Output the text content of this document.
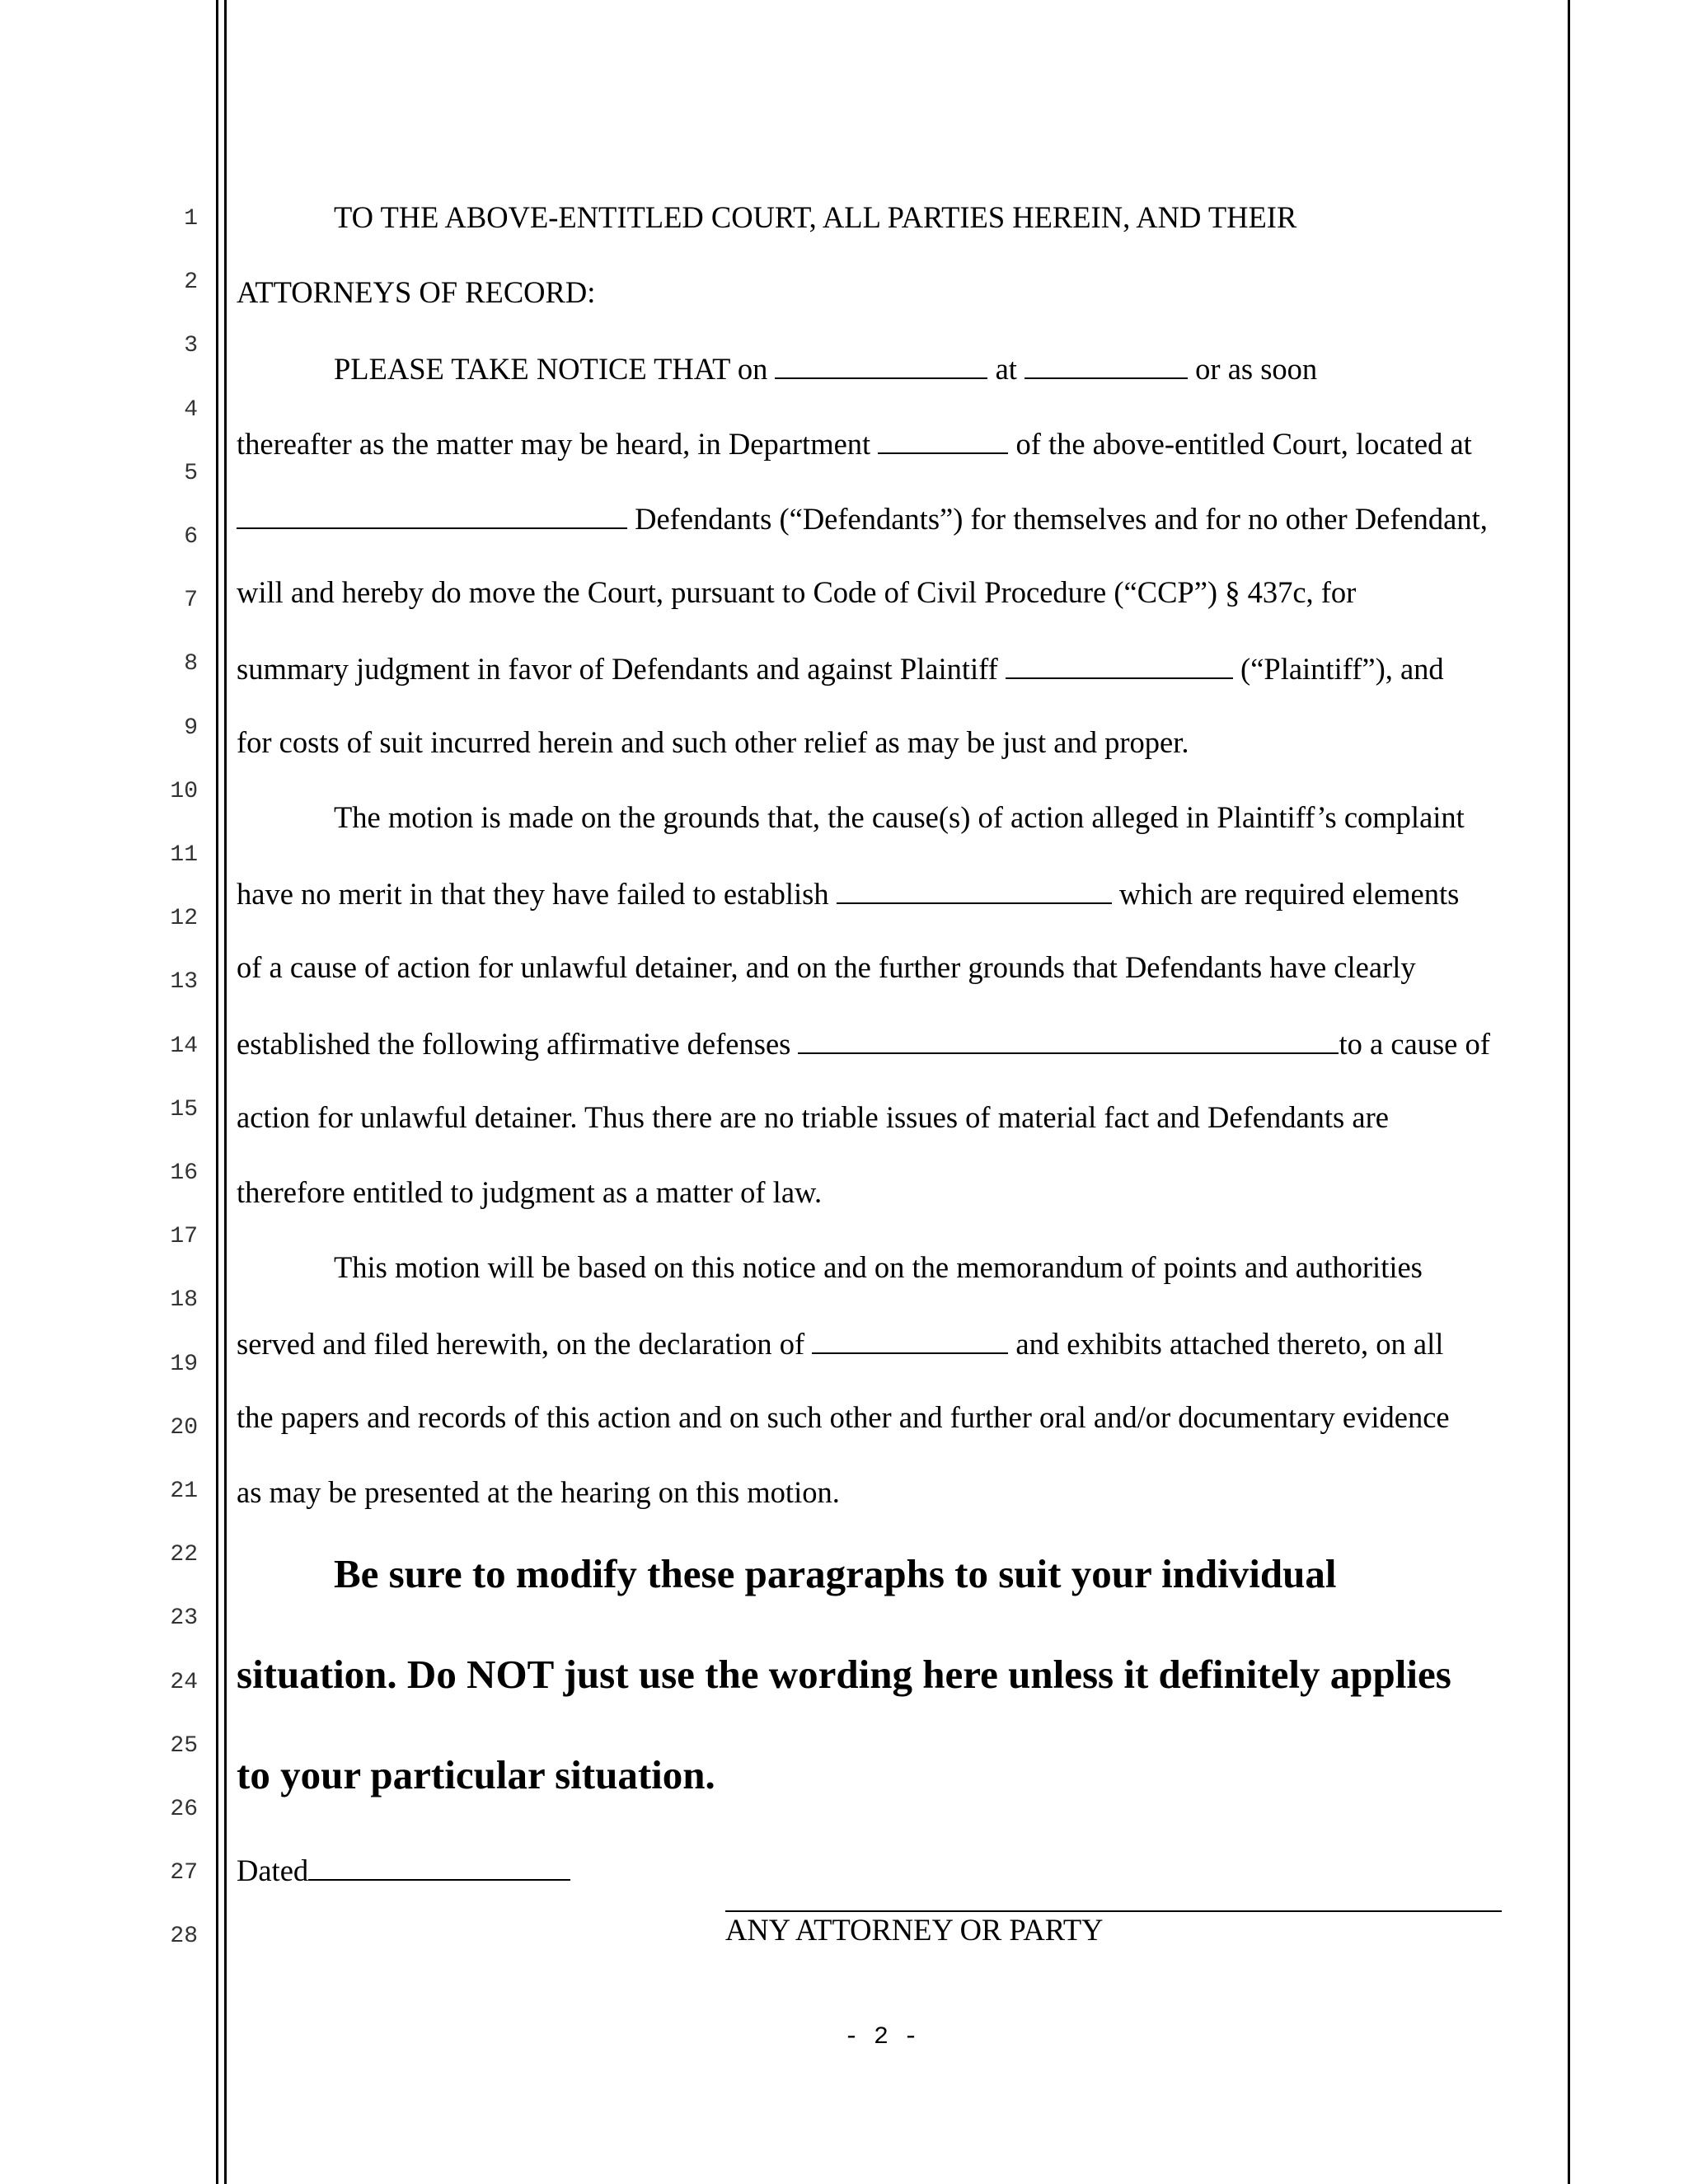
1
2
3
4
5
6
7
8
9
10
11
12
13
14
15
16
17
18
19
20
21
22
23
24
25
26
27
28
TO THE ABOVE-ENTITLED COURT, ALL PARTIES HEREIN, AND THEIR
ATTORNEYS OF RECORD:
PLEASE TAKE NOTICE THAT on	at	or as soon
thereafter as the matter may be heard, in Department	of the above-entitled Court, located at
Defendants (“Defendants”) for themselves and for no other Defendant,
will and hereby do move the Court, pursuant to Code of Civil Procedure (“CCP”) § 437c, for
summary judgment in favor of Defendants and against Plaintiff	(“Plaintiff”), and
for costs of suit incurred herein and such other relief as may be just and proper.
The motion is made on the grounds that, the cause(s) of action alleged in Plaintiff’s complaint
have no merit in that they have failed to establish	which are required elements
of a cause of action for unlawful detainer, and on the further grounds that Defendants have clearly
established the following affirmative defenses	to a cause of
action for unlawful detainer. Thus there are no triable issues of material fact and Defendants are
therefore entitled to judgment as a matter of law.
This motion will be based on this notice and on the memorandum of points and authorities
served and filed herewith, on the declaration of	and exhibits attached thereto, on all
the papers and records of this action and on such other and further oral and/or documentary evidence
as may be presented at the hearing on this motion.
Be sure to modify these paragraphs to suit your individual
situation. Do NOT just use the wording here unless it definitely applies
to your particular situation.
Dated
ANY ATTORNEY OR PARTY
- 2 -
